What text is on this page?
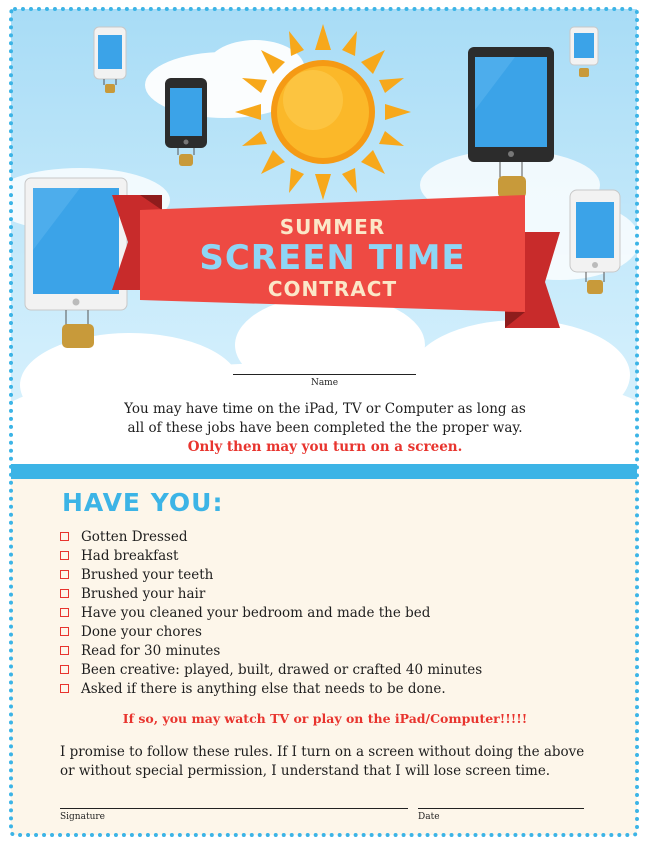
SUMMER
SCREEN TIME
CONTRACT
Name
You may have time on the iPad, TV or Computer as long as
all of these jobs have been completed the the proper way.
Only then may you turn on a screen.
HAVE YOU:
Gotten Dressed
Had breakfast
Brushed your teeth
Brushed your hair
Have you cleaned your bedroom and made the bed
Done your chores
Read for 30 minutes
Been creative: played, built, drawed or crafted 40 minutes
Asked if there is anything else that needs to be done.
If so, you may watch TV or play on the iPad/Computer!!!!!
I promise to follow these rules. If I turn on a screen without doing the above
or without special permission, I understand that I will lose screen time.
Signature	Date
